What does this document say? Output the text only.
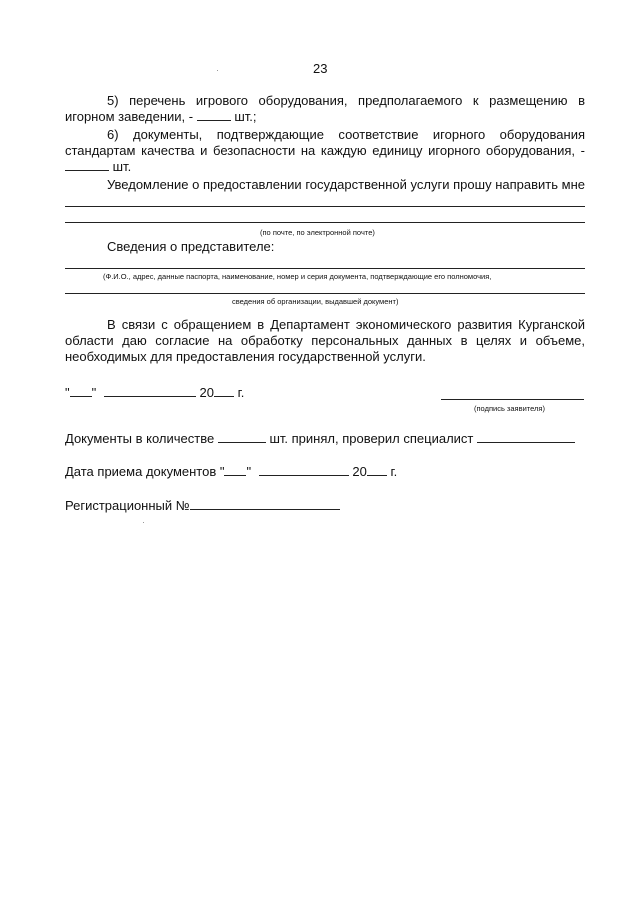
23
5) перечень игрового оборудования, предполагаемого к размещению в
игорном заведении, -	шт.;
6) документы, подтверждающие соответствие игорного оборудования
стандартам качества и безопасности на каждую единицу игорного оборудования, -
шт.
Уведомление о предоставлении государственной услуги прошу направить мне
(по почте, по электронной почте)
Сведения о представителе:
(Ф.И.О., адрес, данные паспорта, наименование, номер и серия документа, подтверждающие его полномочия,
сведения об организации, выдавшей документ)
В связи с обращением в Департамент экономического развития Курганской
области даю согласие на обработку персональных данных в целях и объеме,
необходимых для предоставления государственной услуги.
" "	20 г.
(подпись заявителя)
Документы в количестве	шт. принял, проверил специалист
Дата приема документов " "	20 г.
Регистрационный №
